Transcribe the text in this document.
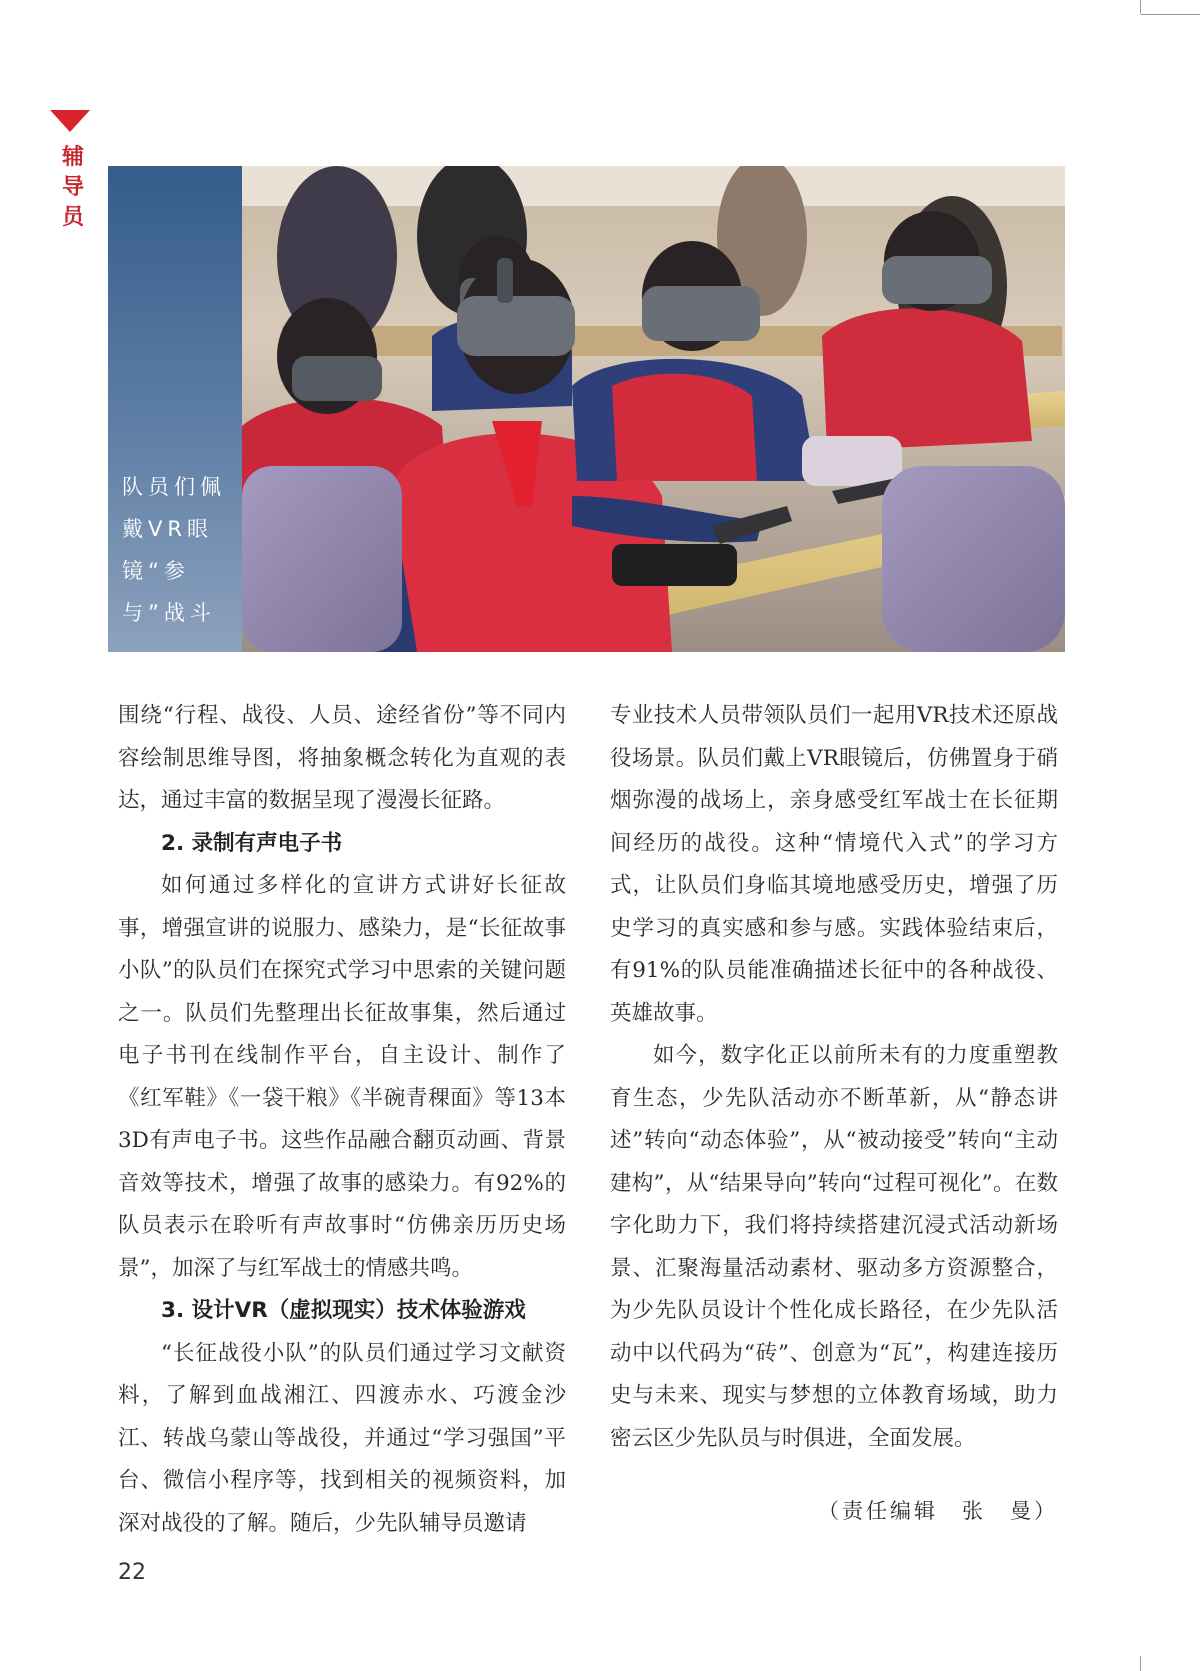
辅
导
员
队员们佩戴VR眼镜“参与”战斗

围绕“行程、战役、人员、途经省份”等不同内容绘制思维导图，将抽象概念转化为直观的表达，通过丰富的数据呈现了漫漫长征路。

2. 录制有声电子书

如何通过多样化的宣讲方式讲好长征故事，增强宣讲的说服力、感染力，是“长征故事小队”的队员们在探究式学习中思索的关键问题之一。队员们先整理出长征故事集，然后通过电子书刊在线制作平台，自主设计、制作了《红军鞋》《一袋干粮》《半碗青稞面》等13本3D有声电子书。这些作品融合翻页动画、背景音效等技术，增强了故事的感染力。有92%的队员表示在聆听有声故事时“仿佛亲历历史场景”，加深了与红军战士的情感共鸣。

3. 设计VR（虚拟现实）技术体验游戏

“长征战役小队”的队员们通过学习文献资料，了解到血战湘江、四渡赤水、巧渡金沙江、转战乌蒙山等战役，并通过“学习强国”平台、微信小程序等，找到相关的视频资料，加深对战役的了解。随后，少先队辅导员邀请

专业技术人员带领队员们一起用VR技术还原战役场景。队员们戴上VR眼镜后，仿佛置身于硝烟弥漫的战场上，亲身感受红军战士在长征期间经历的战役。这种“情境代入式”的学习方式，让队员们身临其境地感受历史，增强了历史学习的真实感和参与感。实践体验结束后，有91%的队员能准确描述长征中的各种战役、英雄故事。

如今，数字化正以前所未有的力度重塑教育生态，少先队活动亦不断革新，从“静态讲述”转向“动态体验”，从“被动接受”转向“主动建构”，从“结果导向”转向“过程可视化”。在数字化助力下，我们将持续搭建沉浸式活动新场景、汇聚海量活动素材、驱动多方资源整合，为少先队员设计个性化成长路径，在少先队活动中以代码为“砖”、创意为“瓦”，构建连接历史与未来、现实与梦想的立体教育场域，助力密云区少先队员与时俱进，全面发展。

（责任编辑　张　曼）
22
